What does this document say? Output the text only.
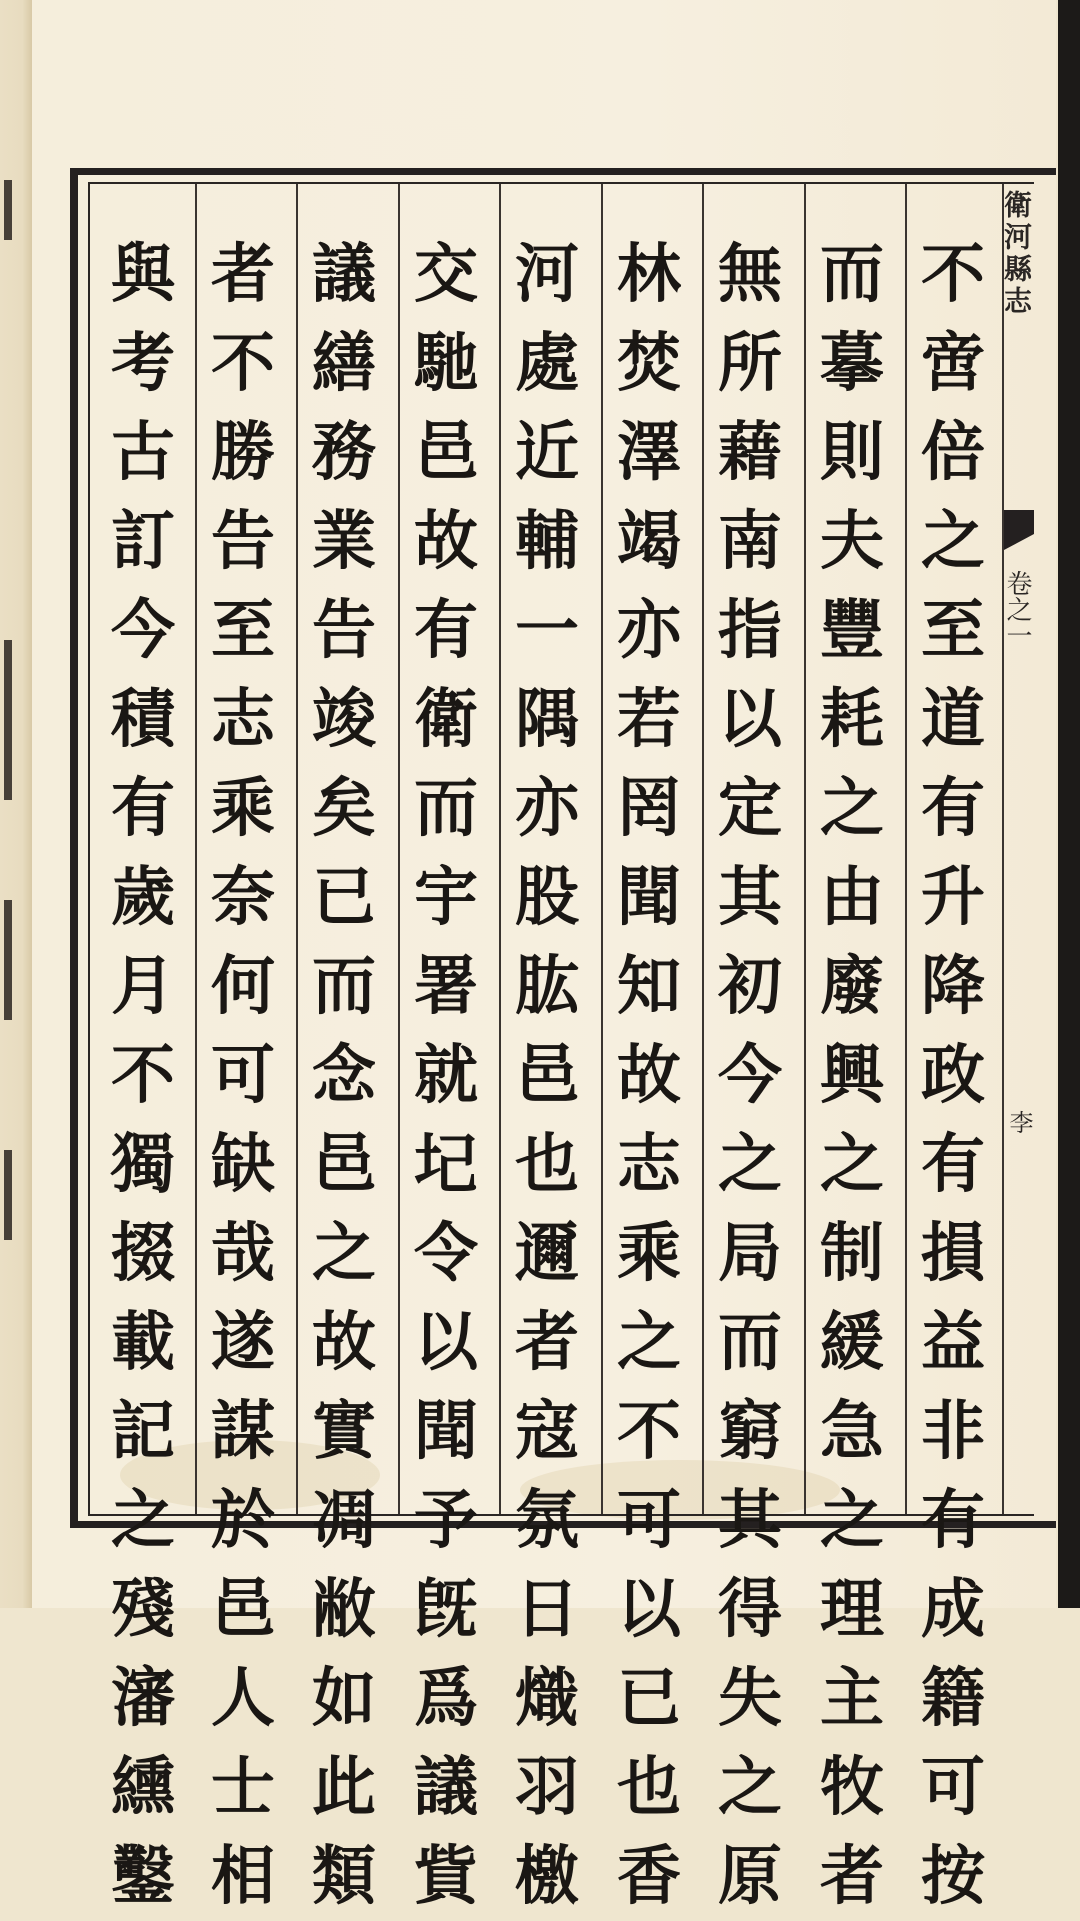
衛河縣志
卷之一
李
不
啻
倍
之
至
道
有
升
降
政
有
損
益
非
有
成
籍
可
按
而
摹
則
夫
豐
耗
之
由
廢
興
之
制
緩
急
之
理
主
牧
者
無
所
藉
南
指
以
定
其
初
今
之
局
而
窮
其
得
失
之
原
林
焚
澤
竭
亦
若
罔
聞
知
故
志
乘
之
不
可
以
已
也
香
河
處
近
輔
一
隅
亦
股
肱
邑
也
邇
者
寇
氛
日
熾
羽
檄
交
馳
邑
故
有
衛
而
宇
署
就
圮
令
以
聞
予
旣
爲
議
貲
議
繕
務
業
告
竣
矣
已
而
念
邑
之
故
實
凋
敝
如
此
類
者
不
勝
告
至
志
乘
奈
何
可
缺
哉
遂
謀
於
邑
人
士
相
與
考
古
訂
今
積
有
歲
月
不
獨
掇
載
記
之
殘
瀋
纁
鑿
